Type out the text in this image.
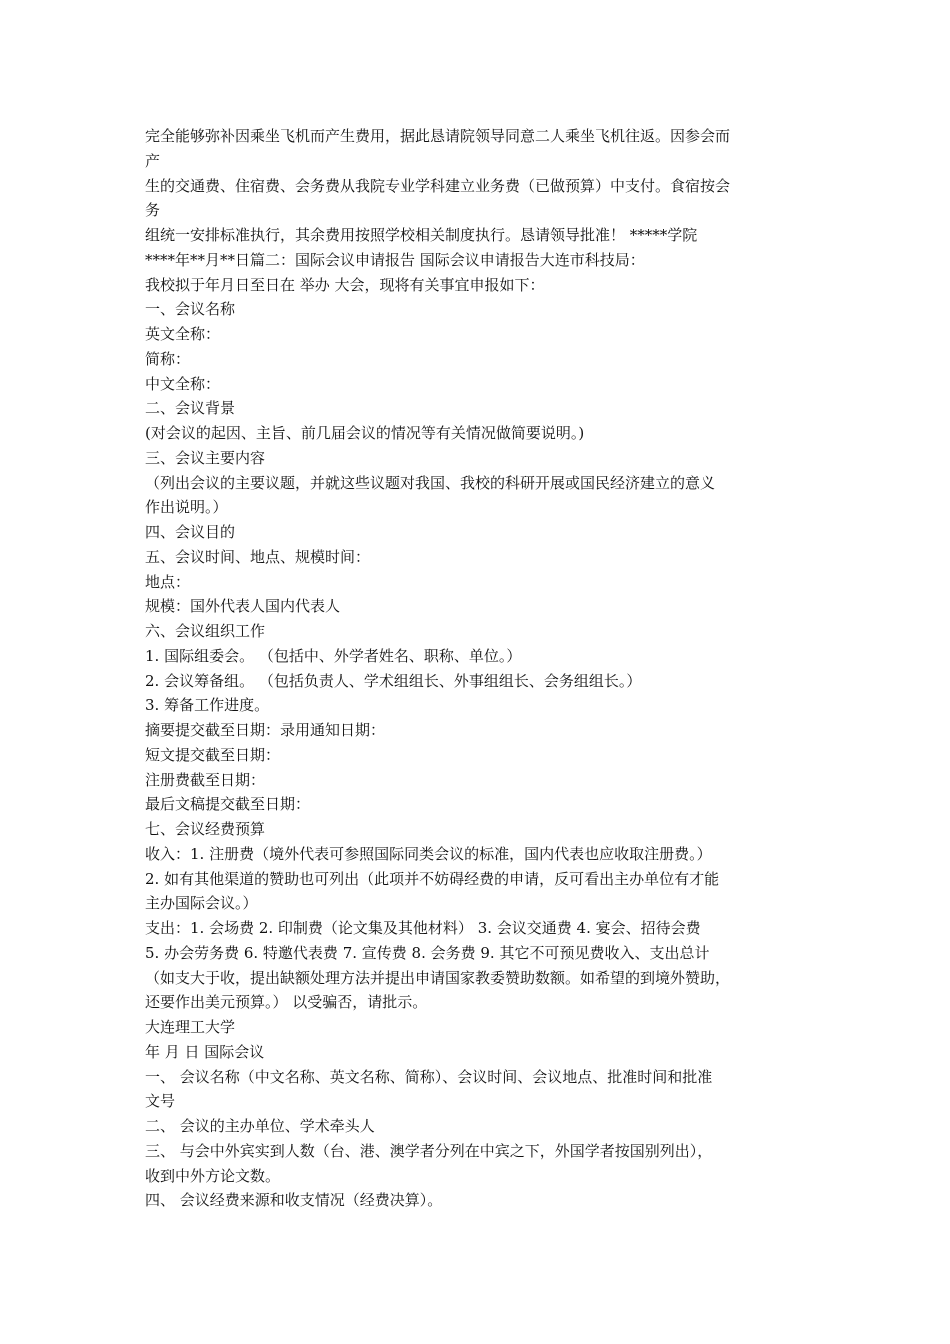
完全能够弥补因乘坐飞机而产生费用，据此恳请院领导同意二人乘坐飞机往返。因参会而
产
生的交通费、住宿费、会务费从我院专业学科建立业务费（已做预算）中支付。食宿按会
务
组统一安排标准执行，其余费用按照学校相关制度执行。恳请领导批准！ *****学院
****年**月**日篇二：国际会议申请报告 国际会议申请报告大连市科技局：
我校拟于年月日至日在 举办 大会，现将有关事宜申报如下：
一、会议名称
英文全称：
简称：
中文全称：
二、会议背景
(对会议的起因、主旨、前几届会议的情况等有关情况做简要说明。)
三、会议主要内容
（列出会议的主要议题，并就这些议题对我国、我校的科研开展或国民经济建立的意义
作出说明。）
四、会议目的
五、会议时间、地点、规模时间：
地点：
规模：国外代表人国内代表人
六、会议组织工作
1. 国际组委会。 （包括中、外学者姓名、职称、单位。）
2. 会议筹备组。 （包括负责人、学术组组长、外事组组长、会务组组长。）
3. 筹备工作进度。
摘要提交截至日期：录用通知日期：
短文提交截至日期：
注册费截至日期：
最后文稿提交截至日期：
七、会议经费预算
收入：1. 注册费（境外代表可参照国际同类会议的标准，国内代表也应收取注册费。）
2. 如有其他渠道的赞助也可列出（此项并不妨碍经费的申请，反可看出主办单位有才能
主办国际会议。）
支出：1. 会场费 2. 印制费（论文集及其他材料） 3. 会议交通费 4. 宴会、招待会费
5. 办会劳务费 6. 特邀代表费 7. 宣传费 8. 会务费 9. 其它不可预见费收入、支出总计
（如支大于收，提出缺额处理方法并提出申请国家教委赞助数额。如希望的到境外赞助，
还要作出美元预算。） 以受骗否，请批示。
大连理工大学
年 月 日 国际会议
一、 会议名称（中文名称、英文名称、简称）、会议时间、会议地点、批准时间和批准
文号
二、 会议的主办单位、学术牵头人
三、 与会中外宾实到人数（台、港、澳学者分列在中宾之下，外国学者按国别列出），
收到中外方论文数。
四、 会议经费来源和收支情况（经费决算）。
